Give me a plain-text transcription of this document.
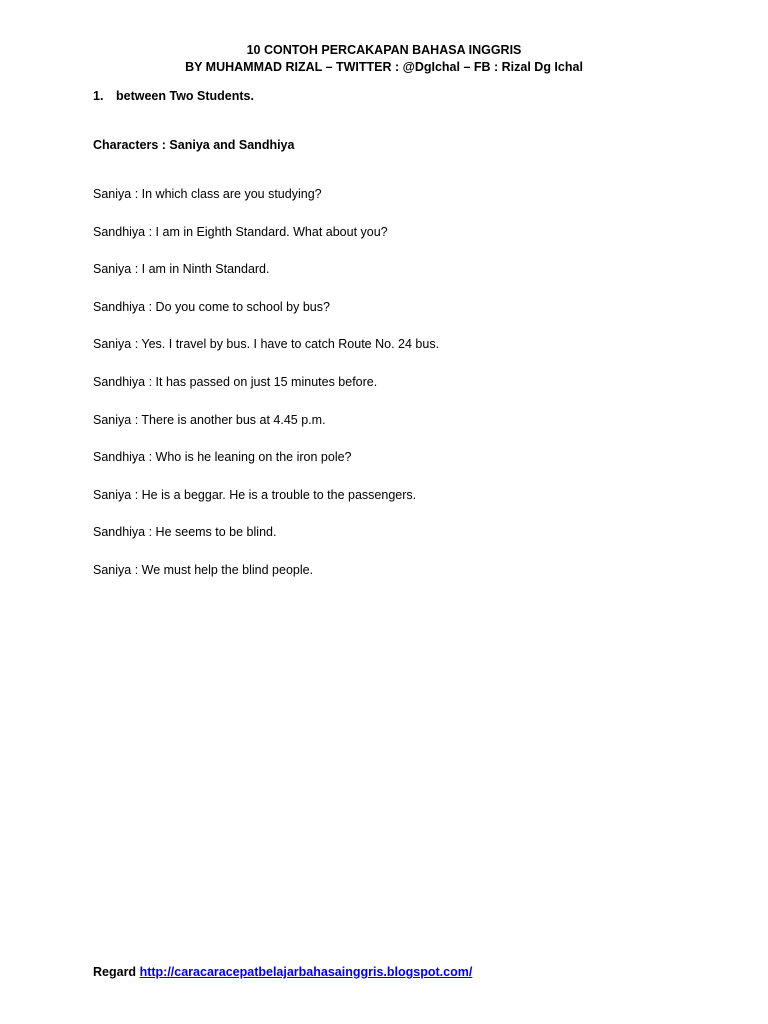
10 CONTOH PERCAKAPAN BAHASA INGGRIS
BY MUHAMMAD RIZAL – TWITTER : @DgIchal – FB : Rizal Dg Ichal
1. between Two Students.
Characters : Saniya and Sandhiya
Saniya : In which class are you studying?
Sandhiya : I am in Eighth Standard. What about you?
Saniya : I am in Ninth Standard.
Sandhiya : Do you come to school by bus?
Saniya : Yes. I travel by bus. I have to catch Route No. 24 bus.
Sandhiya : It has passed on just 15 minutes before.
Saniya : There is another bus at 4.45 p.m.
Sandhiya : Who is he leaning on the iron pole?
Saniya : He is a beggar. He is a trouble to the passengers.
Sandhiya : He seems to be blind.
Saniya : We must help the blind people.
Regard http://caracaracepatbelajarbahasainggris.blogspot.com/
